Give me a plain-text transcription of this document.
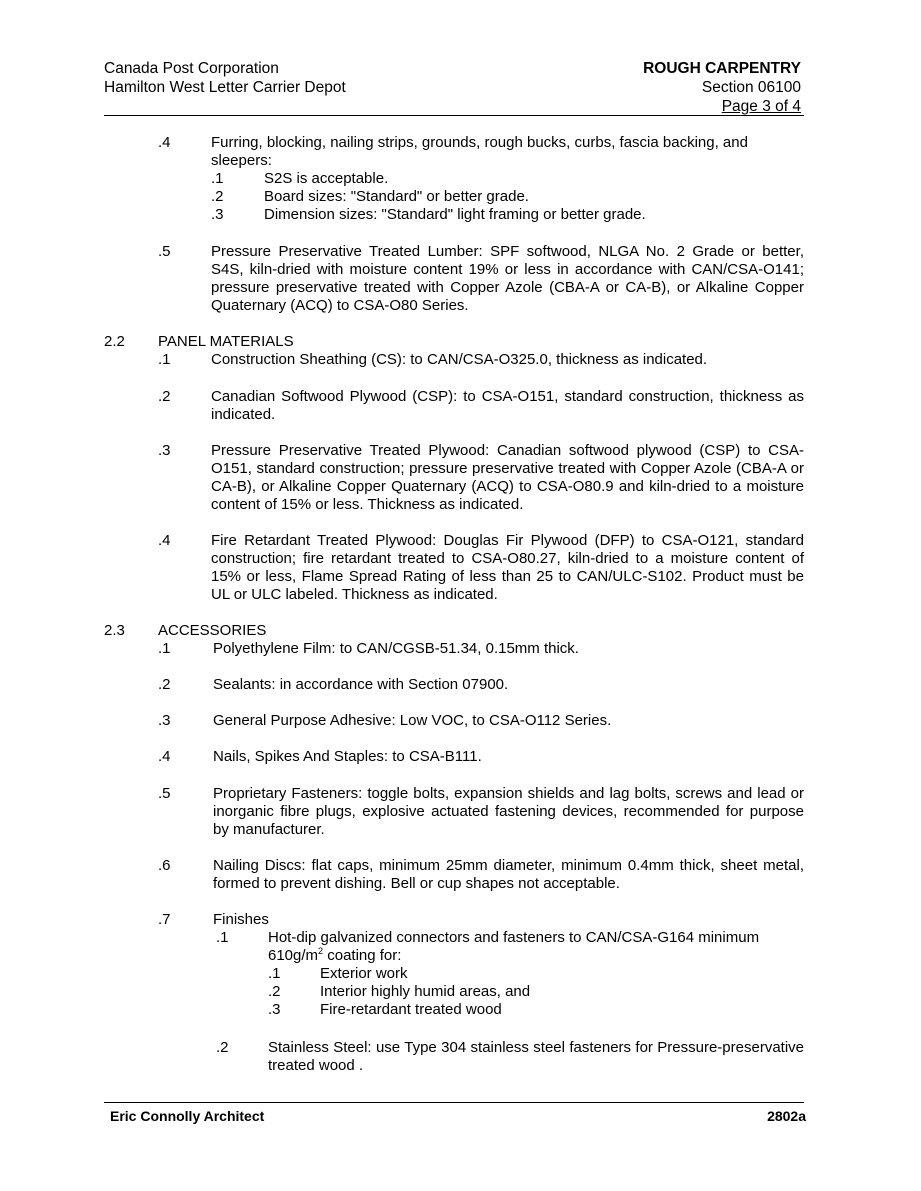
Canada Post Corporation
Hamilton West Letter Carrier Depot
ROUGH CARPENTRY
Section 06100
Page 3 of 4
.4	Furring, blocking, nailing strips, grounds, rough bucks, curbs, fascia backing, and
sleepers:
.1	S2S is acceptable.
.2	Board sizes: "Standard" or better grade.
.3	Dimension sizes: "Standard" light framing or better grade.
.5	Pressure Preservative Treated Lumber: SPF softwood, NLGA No. 2 Grade or better, S4S, kiln-dried with moisture content 19% or less in accordance with CAN/CSA-O141; pressure preservative treated with Copper Azole (CBA-A or CA-B), or Alkaline Copper Quaternary (ACQ) to CSA-O80 Series.
2.2 PANEL MATERIALS
.1	Construction Sheathing (CS): to CAN/CSA-O325.0, thickness as indicated.
.2	Canadian Softwood Plywood (CSP): to CSA-O151, standard construction, thickness as indicated.
.3	Pressure Preservative Treated Plywood: Canadian softwood plywood (CSP) to CSA-O151, standard construction; pressure preservative treated with Copper Azole (CBA-A or CA-B), or Alkaline Copper Quaternary (ACQ) to CSA-O80.9 and kiln-dried to a moisture content of 15% or less. Thickness as indicated.
.4	Fire Retardant Treated Plywood: Douglas Fir Plywood (DFP) to CSA-O121, standard construction; fire retardant treated to CSA-O80.27, kiln-dried to a moisture content of 15% or less, Flame Spread Rating of less than 25 to CAN/ULC-S102. Product must be UL or ULC labeled. Thickness as indicated.
2.3 ACCESSORIES
.1	Polyethylene Film: to CAN/CGSB-51.34, 0.15mm thick.
.2	Sealants: in accordance with Section 07900.
.3	General Purpose Adhesive: Low VOC, to CSA-O112 Series.
.4	Nails, Spikes And Staples: to CSA-B111.
.5	Proprietary Fasteners: toggle bolts, expansion shields and lag bolts, screws and lead or inorganic fibre plugs, explosive actuated fastening devices, recommended for purpose by manufacturer.
.6	Nailing Discs: flat caps, minimum 25mm diameter, minimum 0.4mm thick, sheet metal, formed to prevent dishing. Bell or cup shapes not acceptable.
.7	Finishes
.1	Hot-dip galvanized connectors and fasteners to CAN/CSA-G164 minimum
$610g/m^2$ coating for:
.1	Exterior work
.2	Interior highly humid areas, and
.3	Fire-retardant treated wood
.2	Stainless Steel: use Type 304 stainless steel fasteners for Pressure-preservative treated wood .
Eric Connolly Architect	2802a
